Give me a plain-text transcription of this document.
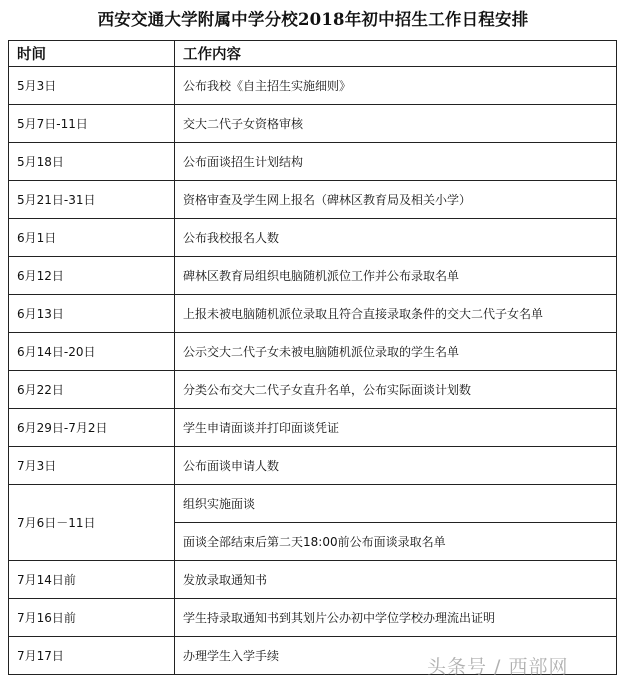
西安交通大学附属中学分校2018年初中招生工作日程安排
时间	工作内容
5月3日	公布我校《自主招生实施细则》
5月7日-11日	交大二代子女资格审核
5月18日	公布面谈招生计划结构
5月21日-31日	资格审查及学生网上报名（碑林区教育局及相关小学）
6月1日	公布我校报名人数
6月12日	碑林区教育局组织电脑随机派位工作并公布录取名单
6月13日	上报未被电脑随机派位录取且符合直接录取条件的交大二代子女名单
6月14日-20日	公示交大二代子女未被电脑随机派位录取的学生名单
6月22日	分类公布交大二代子女直升名单，公布实际面谈计划数
6月29日-7月2日	学生申请面谈并打印面谈凭证
7月3日	公布面谈申请人数
7月6日－11日	组织实施面谈
	面谈全部结束后第二天18:00前公布面谈录取名单
7月14日前	发放录取通知书
7月16日前	学生持录取通知书到其划片公办初中学位学校办理流出证明
7月17日	办理学生入学手续	头条号 / 西部网
